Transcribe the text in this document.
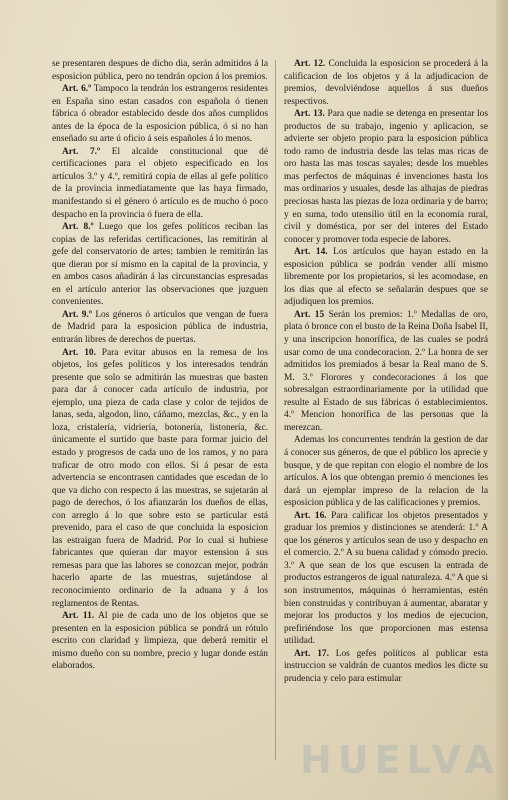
se presentaren despues de dicho dia, serán admitidos á la esposicion pública, pero no tendrán opcion á los premios.

Art. 6.º Tampoco la tendrán los estrangeros residentes en España sino estan casados con española ó tienen fábrica ó obrador establecido desde dos años cumplidos antes de la época de la esposicion pública, ó si no han enseñado su arte ú oficio á seis españoles á lo menos.

Art. 7.º El alcalde constitucional que dé certificaciones para el objeto especificado en los artículos 3.º y 4.º, remitirá copia de ellas al gefe político de la provincia inmediatamente que las haya firmado, manifestando si el género ó artículo es de mucho ó poco despacho en la provincia ó fuera de ella.

Art. 8.º Luego que los gefes políticos reciban las copias de las referidas certificaciones, las remitirán al gefe del conservatorio de artes; tambien le remitirán las que dieran por sí mismo en la capital de la provincia, y en ambos casos añadirán á las circunstancias espresadas en el artículo anterior las observaciones que juzguen convenientes.

Art. 9.º Los géneros ó artículos que vengan de fuera de Madrid para la esposicion pública de industria, entrarán libres de derechos de puertas.

Art. 10. Para evitar abusos en la remesa de los objetos, los gefes políticos y los interesados tendrán presente que solo se admitirán las muestras que basten para dar á conocer cada artículo de industria, por ejemplo, una pieza de cada clase y color de tejidos de lanas, seda, algodon, lino, cáñamo, mezclas, &c., y en la loza, cristalería, vidriería, botonería, listonería, &c. únicamente el surtido que baste para formar juicio del estado y progresos de cada uno de los ramos, y no para traficar de otro modo con ellos. Si á pesar de esta advertencia se encontrasen cantidades que escedan de lo que va dicho con respecto á las muestras, se sujetarán al pago de derechos, ó los afianzarán los dueños de ellas, con arreglo á lo que sobre esto se particular está prevenido, para el caso de que concluida la esposicion las estraigan fuera de Madrid. Por lo cual si hubiese fabricantes que quieran dar mayor estension á sus remesas para que las labores se conozcan mejor, podrán hacerlo aparte de las muestras, sujetándose al reconocimiento ordinario de la aduana y á los reglamentos de Rentas.

Art. 11. Al pie de cada uno de los objetos que se presenten en la esposicion pública se pondrá un rótulo escrito con claridad y limpieza, que deberá remitir el mismo dueño con su nombre, precio y lugar donde están elaborados.

Art. 12. Concluida la esposicion se procederá á la calificacion de los objetos y á la adjudicacion de premios, devolviéndose aquellos á sus dueños respectivos.

Art. 13. Para que nadie se detenga en presentar los productos de su trabajo, ingenio y aplicacion, se advierte ser objeto propio para la esposicion pública todo ramo de industria desde las telas mas ricas de oro hasta las mas toscas sayales; desde los muebles mas perfectos de máquinas é invenciones hasta los mas ordinarios y usuales, desde las alhajas de piedras preciosas hasta las piezas de loza ordinaria y de barro; y en suma, todo utensilio útil en la economía rural, civil y doméstica, por ser del interes del Estado conocer y promover toda especie de labores.

Art. 14. Los artículos que hayan estado en la esposicion pública se podrán vender allí mismo libremente por los propietarios, si les acomodase, en los dias que al efecto se señalarán despues que se adjudiquen los premios.

Art. 15 Serán los premios: 1.º Medallas de oro, plata ó bronce con el busto de la Reina Doña Isabel II, y una inscripcion honorífica, de las cuales se podrá usar como de una condecoracion. 2.º La honra de ser admitidos los premiados á besar la Real mano de S. M. 3.º Florores y condecoraciones á los que sobresalgan estraordinariamente por la utilidad que resulte al Estado de sus fábricas ó establecimientos. 4.º Mencion honorífica de las personas que la merezcan.

Ademas los concurrentes tendrán la gestion de dar á conocer sus géneros, de que el público los aprecie y busque, y de que repitan con elogio el nombre de los artículos. A los que obtengan premio ó menciones les dará un ejemplar impreso de la relacion de la esposicion pública y de las calificaciones y premios.

Art. 16. Para calificar los objetos presentados y graduar los premios y distinciones se atenderá: 1.º A que los géneros y artículos sean de uso y despacho en el comercio. 2.º A su buena calidad y cómodo precio. 3.º A que sean de los que escusen la entrada de productos estrangeros de igual naturaleza. 4.º A que si son instrumentos, máquinas ó herramientas, estén bien construidas y contribuyan á aumentar, abaratar y mejorar los productos y los medios de ejecucion, prefiriéndose los que proporcionen mas estensa utilidad.

Art. 17. Los gefes políticos al publicar esta instruccion se valdrán de cuantos medios les dicte su prudencia y celo para estimular

HUELVA
